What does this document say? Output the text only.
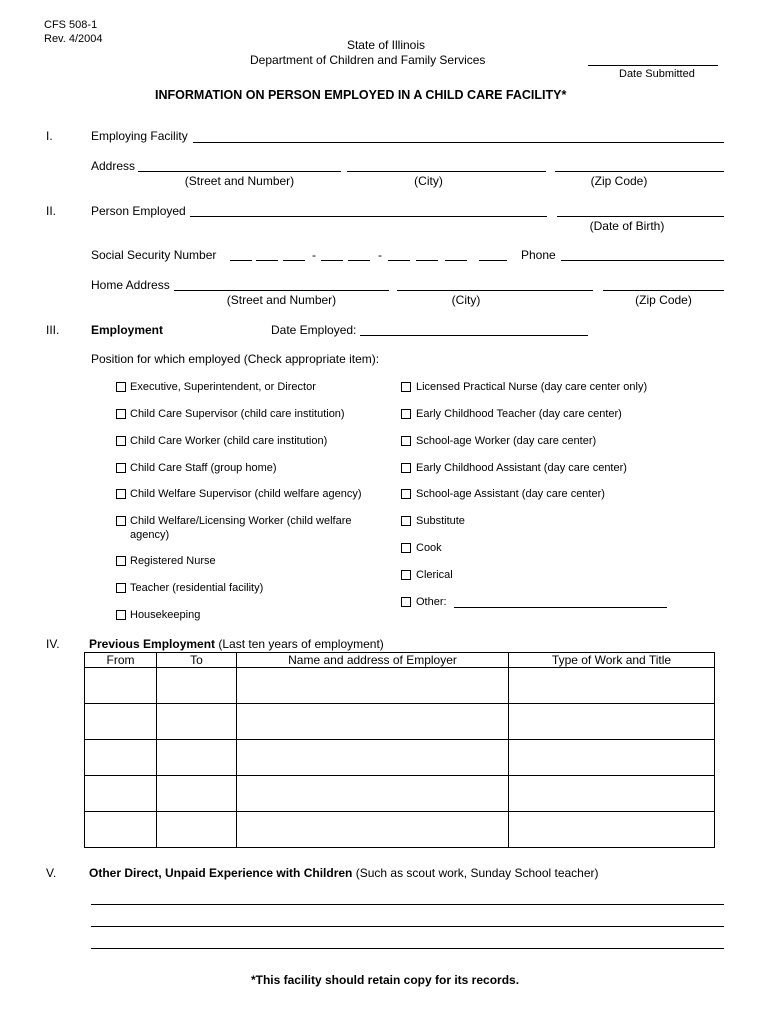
CFS 508-1
Rev. 4/2004	State of Illinois
Department of Children and Family Services
Date Submitted
INFORMATION ON PERSON EMPLOYED IN A CHILD CARE FACILITY*
I.	Employing Facility
Address
(Street and Number)	(City)	(Zip Code)
II.	Person Employed
(Date of Birth)
Social Security Number	-	-	Phone
Home Address
(Street and Number)	(City)	(Zip Code)
III.	Employment	Date Employed:
Position for which employed (Check appropriate item):
Executive, Superintendent, or Director
Child Care Supervisor (child care institution)
Child Care Worker (child care institution)
Child Care Staff (group home)
Child Welfare Supervisor (child welfare agency)
Child Welfare/Licensing Worker (child welfare
agency)
Registered Nurse
Teacher (residential facility)
Housekeeping
Licensed Practical Nurse (day care center only)
Early Childhood Teacher (day care center)
School-age Worker (day care center)
Early Childhood Assistant (day care center)
School-age Assistant (day care center)
Substitute
Cook
Clerical
Other:
IV. Previous Employment (Last ten years of employment)
From	To	Name and address of Employer	Type of Work and Title

V.	Other Direct, Unpaid Experience with Children (Such as scout work, Sunday School teacher)
*This facility should retain copy for its records.
